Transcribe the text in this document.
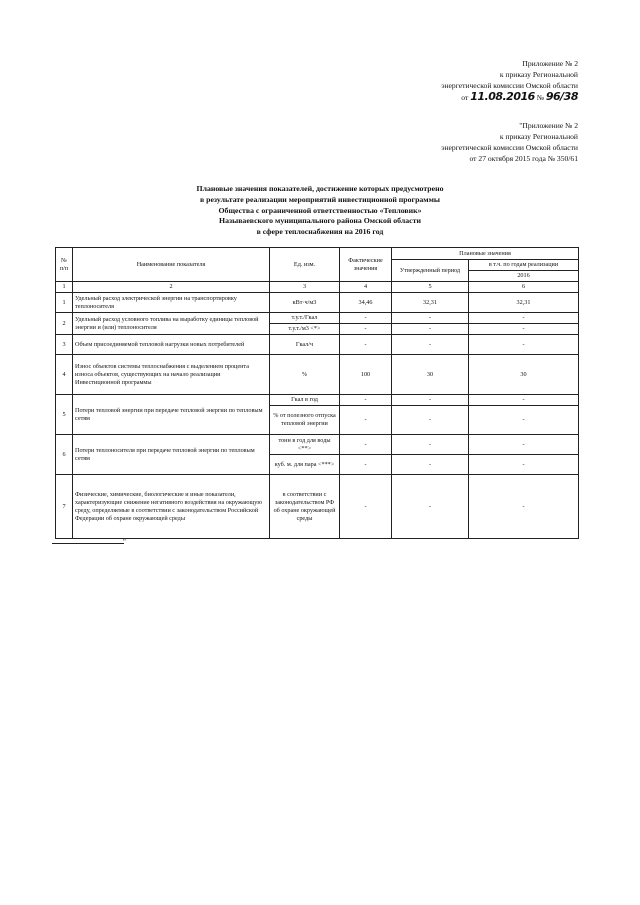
Приложение № 2
к приказу Региональной
энергетической комиссии Омской области
от 11.08.2016 № 96/38
"Приложение № 2
к приказу Региональной
энергетической комиссии Омской области
от 27 октября 2015 года № 350/61
Плановые значения показателей, достижение которых предусмотрено
в результате реализации мероприятий инвестиционной программы
Общества с ограниченной ответственностью «Тепловик»
Называевского муниципального района Омской области
в сфере теплоснабжения на 2016 год
№ п/п	Наименование показателя	Ед. изм.	Фактические значения	Плановые значения	
				Утвержденный период	в т.ч. по годам реализации
					2016
1	2	3	4	5	6
1	Удельный расход электрической энергии на транспортировку теплоносителя	кВт·ч/м3	34,46	32,31	32,31
2	Удельный расход условного топлива на выработку единицы тепловой энергии и (или) теплоносителя	т.у.т./Гкал	-	-	-
		т.у.т./м3 <*>	-	-	-
3	Объем присоединяемой тепловой нагрузки новых потребителей	Гкал/ч	-	-	-
4	Износ объектов системы теплоснабжения с выделением процента износа объектов, существующих на начало реализации Инвестиционной программы	%	100	30	30
5	Потери тепловой энергии при передаче тепловой энергии по тепловым сетям	Гкал в год	-	-	-
		% от полезного отпуска тепловой энергии	-	-	-
6	Потери теплоносителя при передаче тепловой энергии по тепловым сетям	тонн в год для воды <**>	-	-	-
		куб. м. для пара <***>	-	-	-
7	Физические, химические, биологические и иные показатели, характеризующие снижение негативного воздействия на окружающую среду, определяемые в соответствии с законодательством Российской Федерации об охране окружающей среды	в соответствии с законодательством РФ об охране окружающей среды	-	-	-
"
